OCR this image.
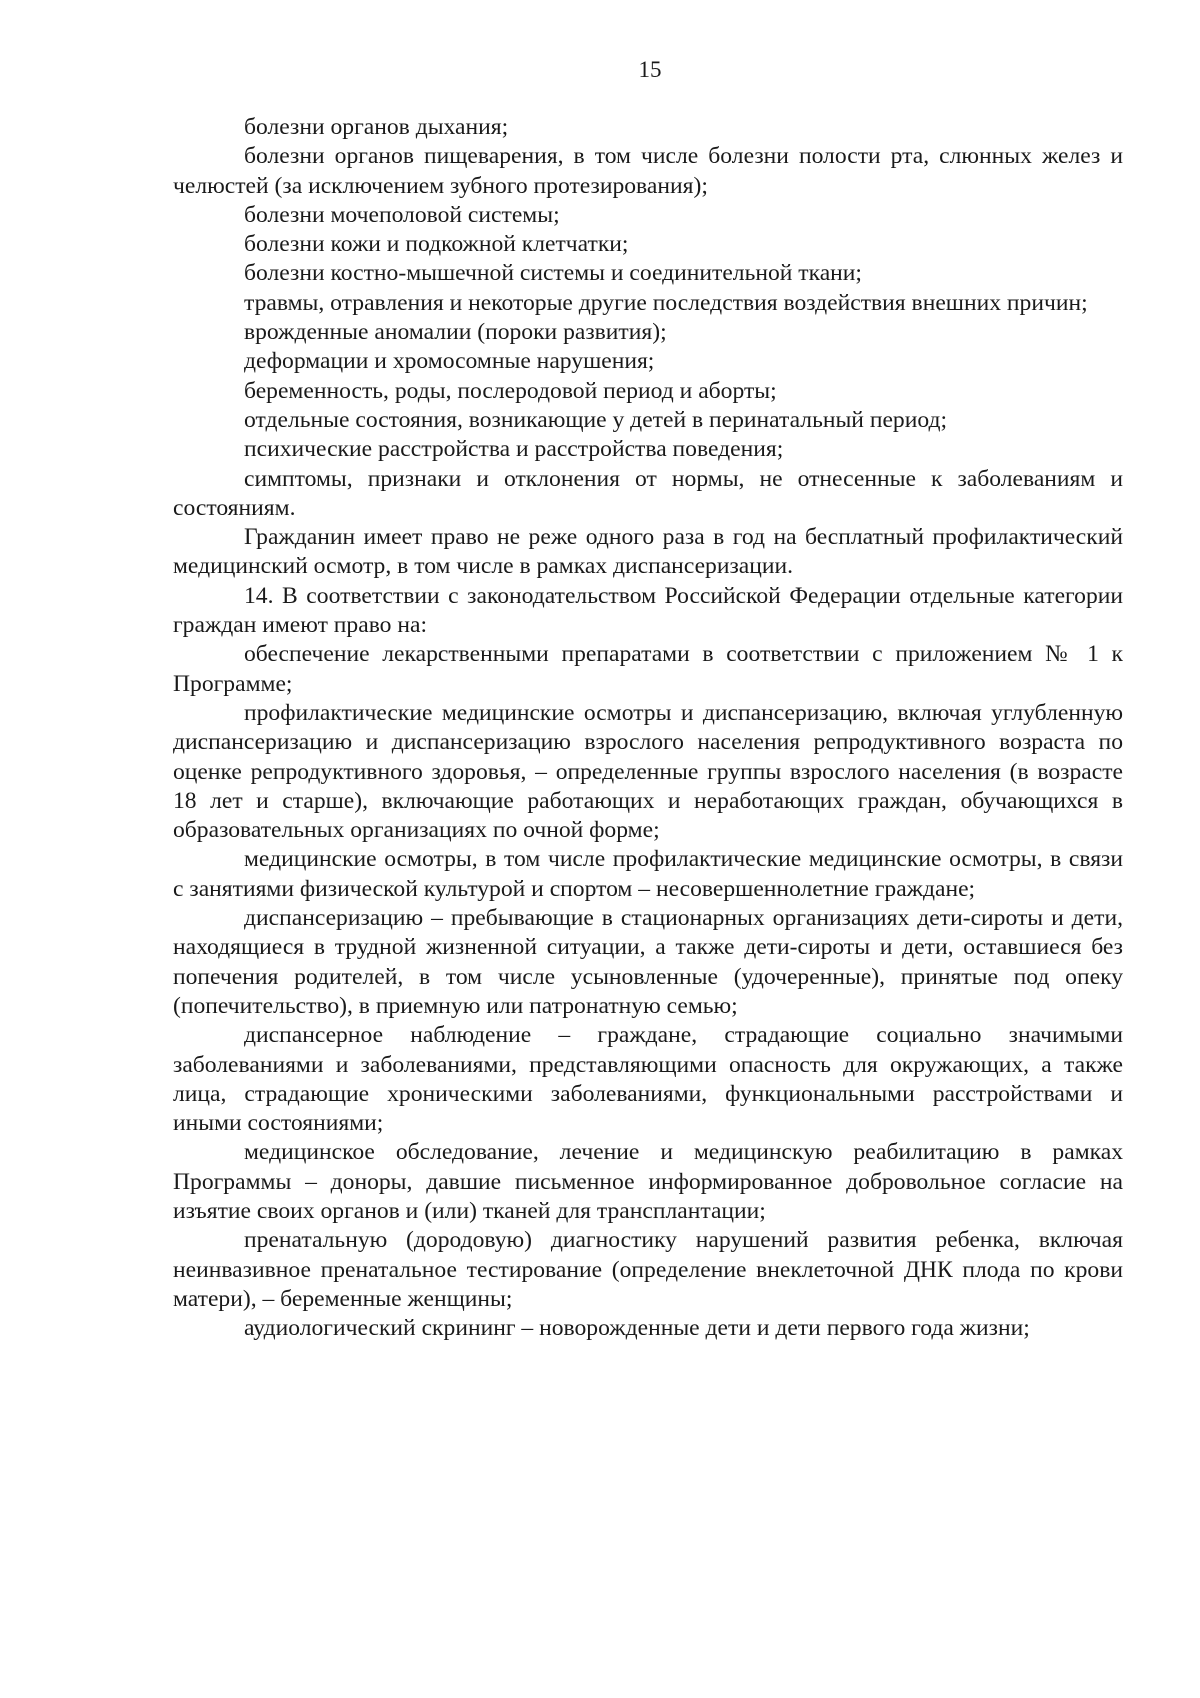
15

болезни органов дыхания;

болезни органов пищеварения, в том числе болезни полости рта, слюнных желез и челюстей (за исключением зубного протезирования);

болезни мочеполовой системы;

болезни кожи и подкожной клетчатки;

болезни костно-мышечной системы и соединительной ткани;

травмы, отравления и некоторые другие последствия воздействия внешних причин;

врожденные аномалии (пороки развития);

деформации и хромосомные нарушения;

беременность, роды, послеродовой период и аборты;

отдельные состояния, возникающие у детей в перинатальный период;

психические расстройства и расстройства поведения;

симптомы, признаки и отклонения от нормы, не отнесенные к заболеваниям и состояниям.

Гражданин имеет право не реже одного раза в год на бесплатный профилактический медицинский осмотр, в том числе в рамках диспансеризации.

14. В соответствии с законодательством Российской Федерации отдельные категории граждан имеют право на:

обеспечение лекарственными препаратами в соответствии с приложением № 1 к Программе;

профилактические медицинские осмотры и диспансеризацию, включая углубленную диспансеризацию и диспансеризацию взрослого населения репродуктивного возраста по оценке репродуктивного здоровья, – определенные группы взрослого населения (в возрасте 18 лет и старше), включающие работающих и неработающих граждан, обучающихся в образовательных организациях по очной форме;

медицинские осмотры, в том числе профилактические медицинские осмотры, в связи с занятиями физической культурой и спортом – несовершеннолетние граждане;

диспансеризацию – пребывающие в стационарных организациях дети-сироты и дети, находящиеся в трудной жизненной ситуации, а также дети-сироты и дети, оставшиеся без попечения родителей, в том числе усыновленные (удочеренные), принятые под опеку (попечительство), в приемную или патронатную семью;

диспансерное наблюдение – граждане, страдающие социально значимыми заболеваниями и заболеваниями, представляющими опасность для окружающих, а также лица, страдающие хроническими заболеваниями, функциональными расстройствами и иными состояниями;

медицинское обследование, лечение и медицинскую реабилитацию в рамках Программы – доноры, давшие письменное информированное добровольное согласие на изъятие своих органов и (или) тканей для трансплантации;

пренатальную (дородовую) диагностику нарушений развития ребенка, включая неинвазивное пренатальное тестирование (определение внеклеточной ДНК плода по крови матери), – беременные женщины;

аудиологический скрининг – новорожденные дети и дети первого года жизни;
